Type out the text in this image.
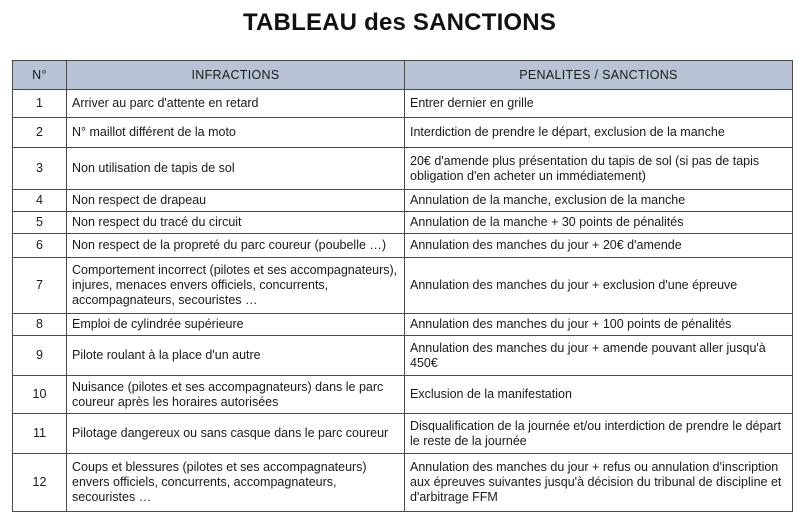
TABLEAU des SANCTIONS
N°	INFRACTIONS	PENALITES / SANCTIONS
1	Arriver au parc d'attente en retard	Entrer dernier en grille
2	N° maillot différent de la moto	Interdiction de prendre le départ, exclusion de la manche
3	Non utilisation de tapis de sol	20€ d'amende plus présentation du tapis de sol (si pas de tapis obligation d'en acheter un immédiatement)
4	Non respect de drapeau	Annulation de la manche, exclusion de la manche
5	Non respect du tracé du circuit	Annulation de la manche + 30 points de pénalités
6	Non respect de la propreté du parc coureur (poubelle …)	Annulation des manches du jour + 20€ d'amende
7	Comportement incorrect (pilotes et ses accompagnateurs), injures, menaces envers officiels, concurrents, accompagnateurs, secouristes …	Annulation des manches du jour + exclusion d'une épreuve
8	Emploi de cylindrée supérieure	Annulation des manches du jour + 100 points de pénalités
9	Pilote roulant à la place d'un autre	Annulation des manches du jour + amende pouvant aller jusqu'à 450€
10	Nuisance (pilotes et ses accompagnateurs) dans le parc coureur après les horaires autorisées	Exclusion de la manifestation
11	Pilotage dangereux ou sans casque dans le parc coureur	Disqualification de la journée et/ou interdiction de prendre le départ le reste de la journée
12	Coups et blessures (pilotes et ses accompagnateurs) envers officiels, concurrents, accompagnateurs, secouristes …	Annulation des manches du jour + refus ou annulation d'inscription aux épreuves suivantes jusqu'à décision du tribunal de discipline et d'arbitrage FFM
